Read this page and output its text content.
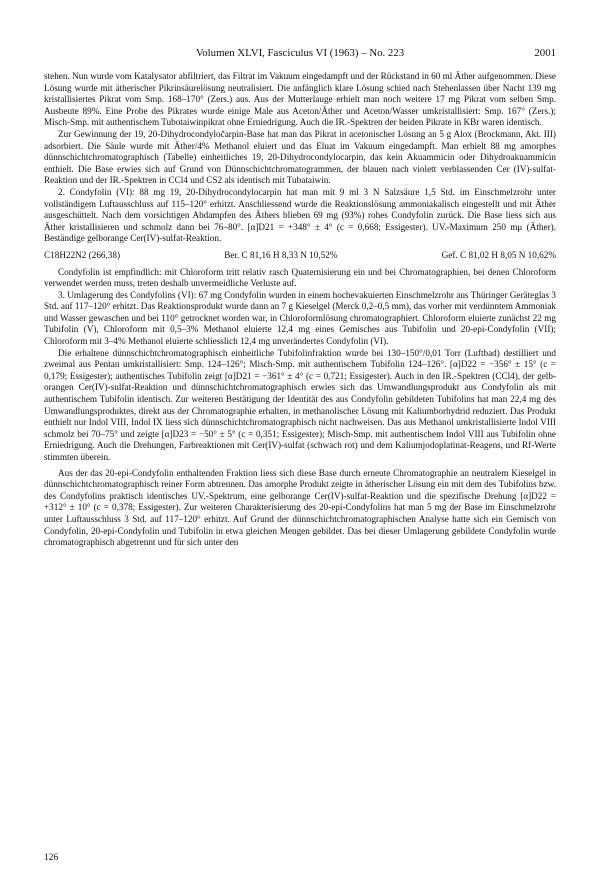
Volumen XLVI, Fasciculus VI (1963) – No. 223	2001

stehen. Nun wurde vom Katalysator abfiltriert, das Filtrat im Vakuum eingedampft und der Rückstand in 60 ml Äther aufgenommen. Diese Lösung wurde mit ätherischer Pikrinsäurelösung neutralisiert. Die anfänglich klare Lösung schied nach Stehenlassen über Nacht 139 mg kristallisiertes Pikrat vom Smp. 168–170° (Zers.) aus. Aus der Mutterlauge erhielt man noch weitere 17 mg Pikrat vom selben Smp. Ausbeute 89%. Eine Probe des Pikrates wurde einige Male aus Aceton/Äther und Aceton/Wasser umkristallisiert: Smp. 167° (Zers.); Misch-Smp. mit authentischem Tubotaiwinpikrat ohne Erniedrigung. Auch die IR.-Spektren der beiden Pikrate in KBr waren identisch.

Zur Gewinnung der 19, 20-Dihydrocondyločarpin-Base hat man das Pikrat in acetonischer Lösung an 5 g Alox (Brockmann, Akt. III) adsorbiert. Die Säule wurde mit Äther/4% Methanol eluiert und das Eluat im Vakuum eingedampft. Man erhielt 88 mg amorphes dünnschichtchromatographisch (Tabelle) einheitliches 19, 20-Dihydrocondylocarpin, das kein Akuammicin oder Dihydroakuammicin enthielt. Die Base erwies sich auf Grund von Dünnschichtchromatogrammen, der blauen nach violett verblassenden Cer (IV)-sulfat-Reaktion und der IR.-Spektren in CCl4 und CS2 als identisch mit Tubataiwin.

2. Condyfolin (VI): 88 mg 19, 20-Dihydrocondylocarpin hat man mit 9 ml 3 N Salzsäure 1,5 Std. im Einschmelzrohr unter vollständigem Luftausschluss auf 115–120° erhitzt. Anschliessend wurde die Reaktionslösung ammoniakalisch eingestellt und mit Äther ausgeschüttelt. Nach dem vorsichtigen Abdampfen des Äthers blieben 69 mg (93%) rohes Condyfolin zurück. Die Base liess sich aus Äther kristallisieren und schmolz dann bei 76–80°. [α]D21 = +348° ± 4° (c = 0,668; Essigester). UV.-Maximum 250 mμ (Äther). Beständige gelborange Cer(IV)-sulfat-Reaktion.

C18H22N2 (266,38)	Ber. C 81,16 H 8,33 N 10,52%	Gef. C 81,02 H 8,05 N 10,62%

Condyfolin ist empfindlich: mit Chloroform tritt relativ rasch Quaternisierung ein und bei Chromatographien, bei denen Chloroform verwendet werden muss, treten deshalb unvermeidliche Verluste auf.

3. Umlagerung des Condyfolins (VI): 67 mg Condyfolin wurden in einem hochevakuierten Einschmelzrohr aus Thüringer Geräteglas 3 Std. auf 117–120° erhitzt. Das Reaktionsprodukt wurde dann an 7 g Kieselgel (Merck 0,2–0,5 mm), das vorher mit verdünntem Ammoniak und Wasser gewaschen und bei 110° getrocknet worden war, in Chloroformlösung chromatographiert. Chloroform eluierte zunächst 22 mg Tubifolin (V), Chloroform mit 0,5–3% Methanol eluierte 12,4 mg eines Gemisches aus Tubifolin und 20-epi-Condyfolin (VII); Chloroform mit 3–4% Methanol eluierte schliesslich 12,4 mg unverändertes Condyfolin (VI).

Die erhaltene dünnschichtchromatographisch einheitliche Tubifolinfraktion wurde bei 130–150°/0,01 Torr (Luftbad) destilliert und zweimal aus Pentan umkristallisiert: Smp. 124–126°; Misch-Smp. mit authentischem Tubifolin 124–126°. [α]D22 = −356° ± 15° (c = 0,179; Essigester); authentisches Tubifolin zeigt [α]D21 = −361° ± 4° (c = 0,721; Essigester). Auch in den IR.-Spektren (CCl4), der gelb-orangen Cer(IV)-sulfat-Reaktion und dünnschichtchromatographisch erwies sich das Umwandlungsprodukt aus Condyfolin als mit authentischem Tubifolin identisch. Zur weiteren Bestätigung der Identität des aus Condyfolin gebildeten Tubifolins hat man 22,4 mg des Umwandlungsproduktes, direkt aus der Chromatographie erhalten, in methanolischer Lösung mit Kaliumborhydrid reduziert. Das Produkt enthielt nur Indol VIII, Indol IX liess sich dünnschichtchromatographisch nicht nachweisen. Das aus Methanol umkristallisierte Indol VIII schmolz bei 70–75° und zeigte [α]D23 = −50° ± 5° (c = 0,351; Essigester); Misch-Smp. mit authentischem Indol VIII aus Tubifolin ohne Erniedrigung. Auch die Drehungen, Farbreaktionen mit Cer(IV)-sulfat (schwach rot) und dem Kaliumjodoplatinat-Reagens, und Rf-Werte stimmten überein.

Aus der das 20-epi-Condyfolin enthaltenden Fraktion liess sich diese Base durch erneute Chromatographie an neutralem Kieselgel in dünnschichtchromatographisch reiner Form abtrennen. Das amorphe Produkt zeigte in ätherischer Lösung ein mit dem des Tubifolins bzw. des Condyfolins praktisch identisches UV.-Spektrum, eine gelborange Cer(IV)-sulfat-Reaktion und die spezifische Drehung [α]D22 = +312° ± 10° (c = 0,378; Essigester). Zur weiteren Charakterisierung des 20-epi-Condyfolins hat man 5 mg der Base im Einschmelzrohr unter Luftausschluss 3 Std. auf 117–120° erhitzt. Auf Grund der dünnschichtchromatographischen Analyse hatte sich ein Gemisch von Condyfolin, 20-epi-Condyfolin und Tubifolin in etwa gleichen Mengen gebildet. Das bei dieser Umlagerung gebildete Condyfolin wurde chromatographisch abgetrennt und für sich unter den

126
